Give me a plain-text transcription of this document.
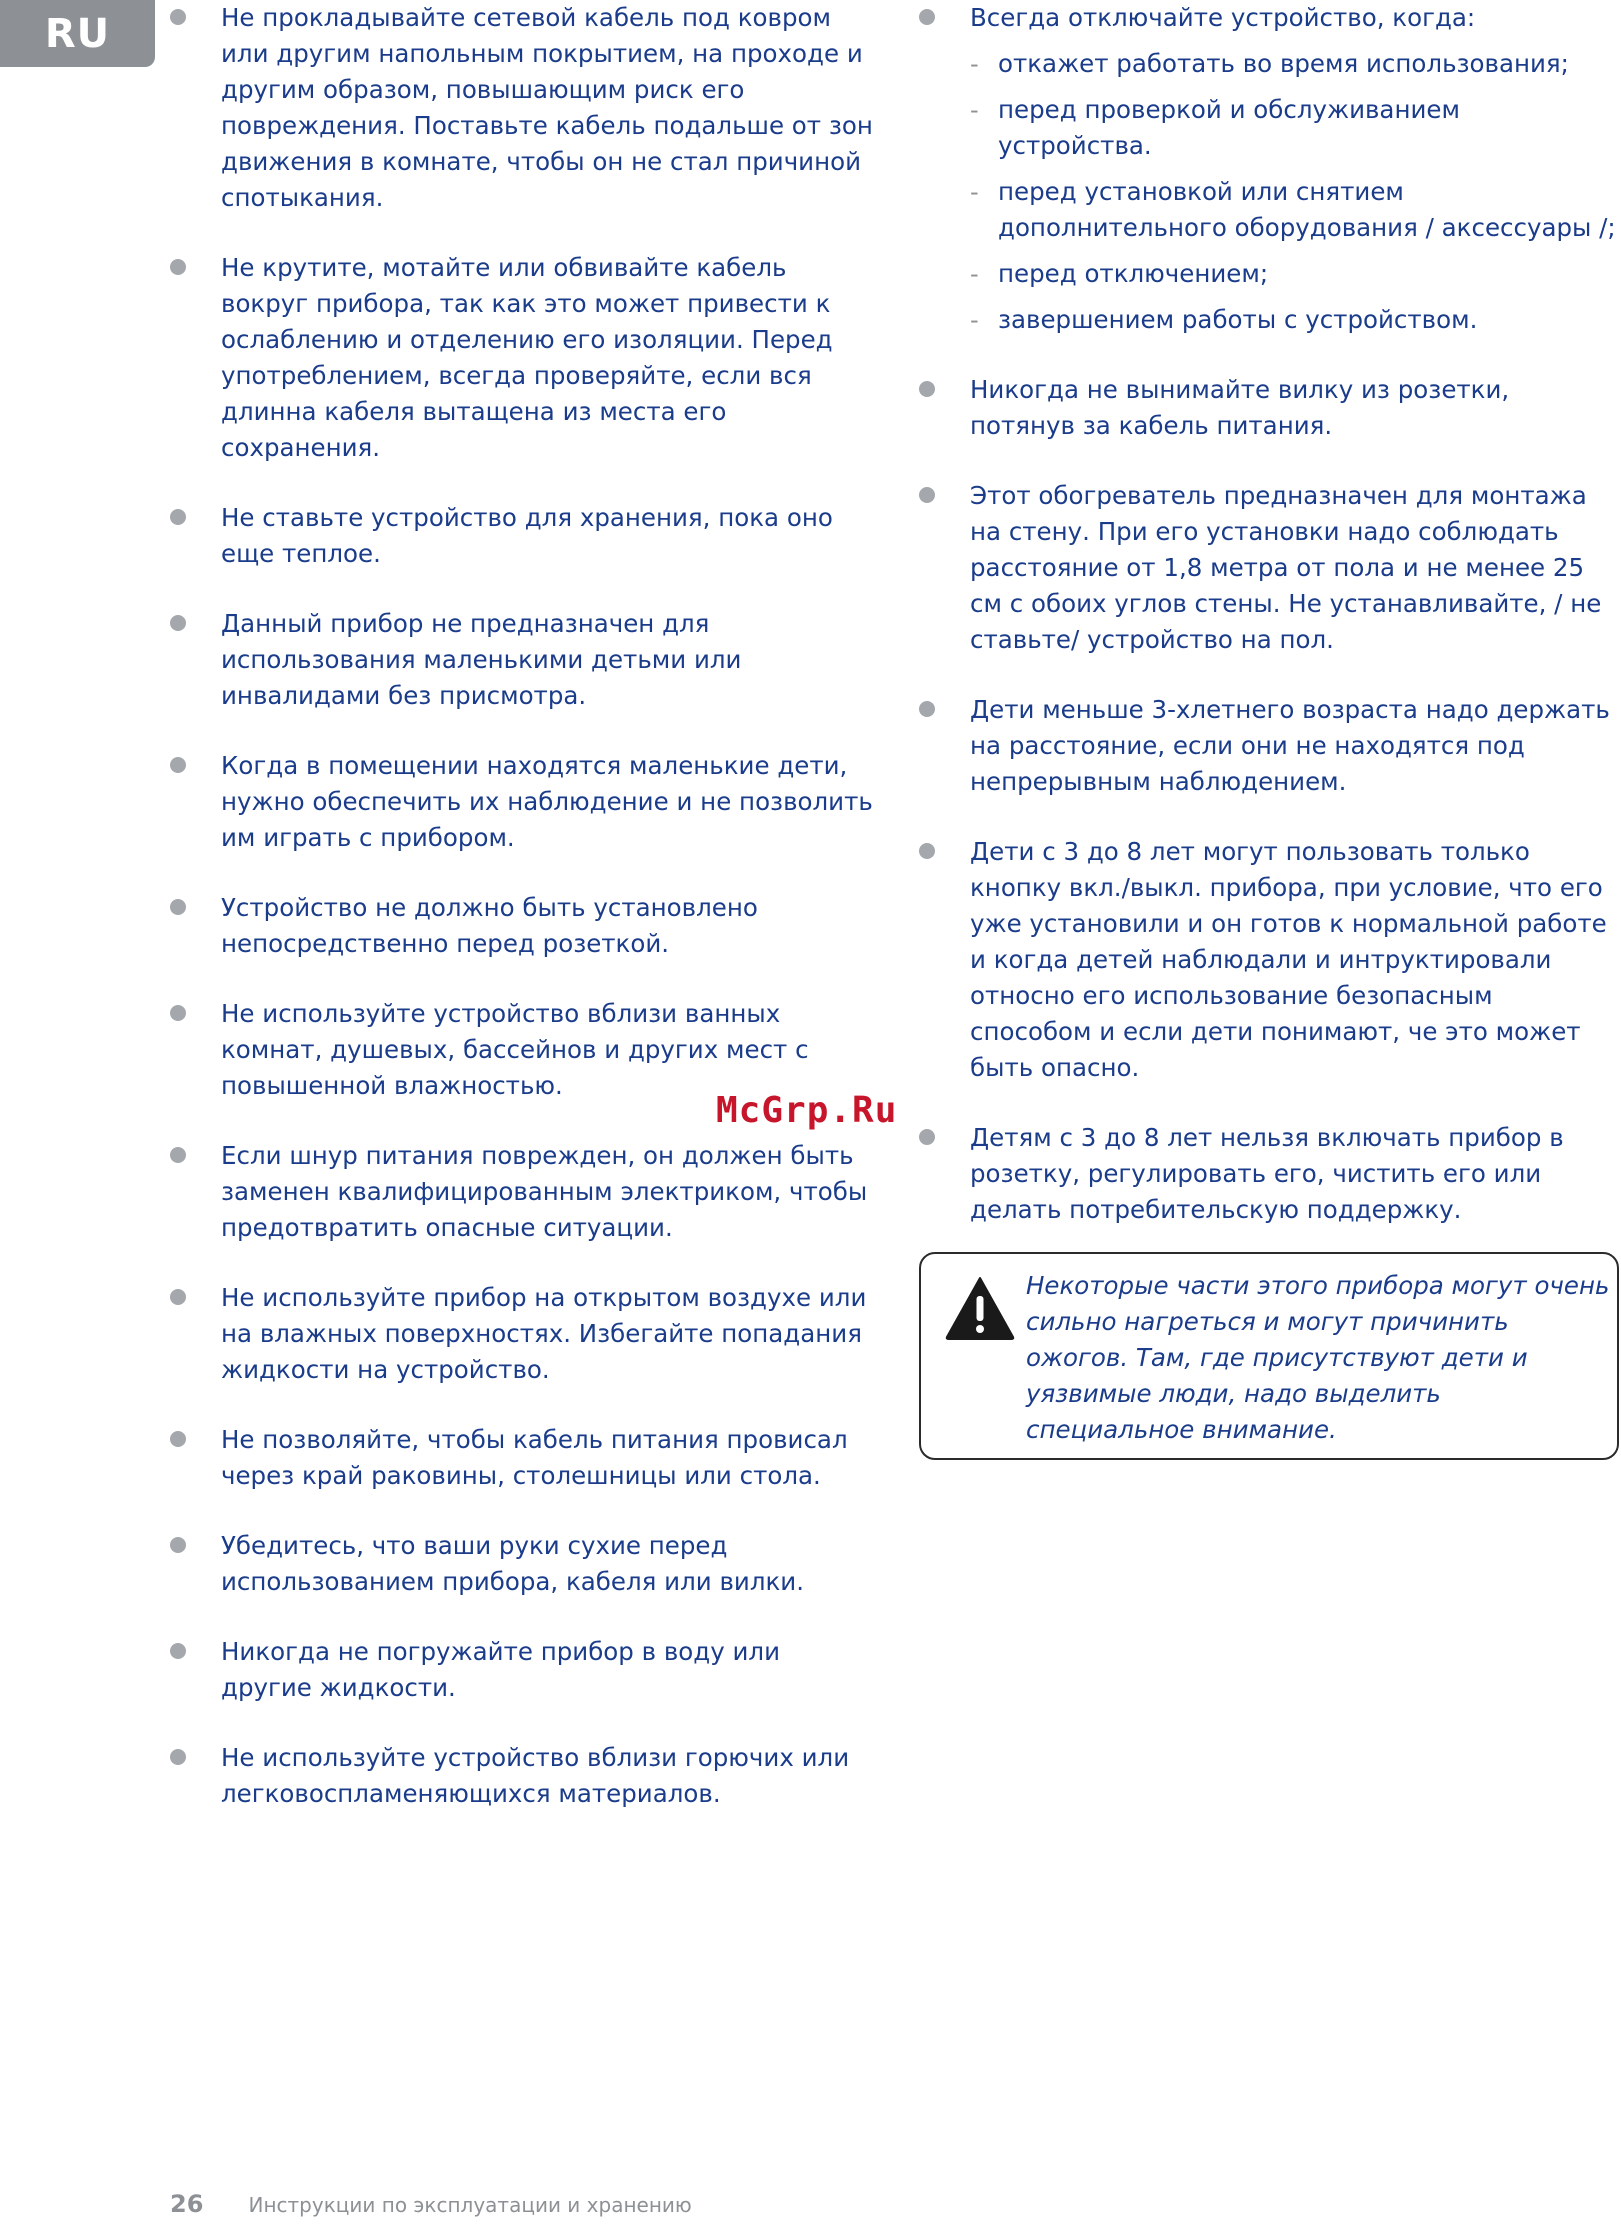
RU	Не прокладывайте сетевой кабель под ковром или другим напольным покрытием, на проходе и другим образом, повышающим риск его повреждения. Поставьте кабель подальше от зон движения в комнате, чтобы он не стал причиной спотыкания.

Не крутите, мотайте или обвивайте кабель вокруг прибора, так как это может привести к ослаблению и отделению его изоляции. Перед употреблением, всегда проверяйте, если вся длинна кабеля вытащена из места его сохранения.

Не ставьте устройство для хранения, пока оно еще теплое.

Данный прибор не предназначен для использования маленькими детьми или инвалидами без присмотра.

Когда в помещении находятся маленькие дети, нужно обеспечить их наблюдение и не позволить им играть с прибором.

Устройство не должно быть установлено непосредственно перед розеткой.

Не используйте устройство вблизи ванных комнат, душевых, бассейнов и других мест с повышенной влажностью.

Если шнур питания поврежден, он должен быть заменен квалифицированным электриком, чтобы предотвратить опасные ситуации.

Не используйте прибор на открытом воздухе или на влажных поверхностях. Избегайте попадания жидкости на устройство.

Не позволяйте, чтобы кабель питания провисал через край раковины, столешницы или стола.

Убедитесь, что ваши руки сухие перед использованием прибора, кабеля или вилки.

Никогда не погружайте прибор в воду или другие жидкости.

Не используйте устройство вблизи горючих или легковоспламеняющихся материалов.

Всегда отключайте устройство, когда:

- откажет работать во время использования;

- перед проверкой и обслуживанием устройства.

- перед установкой или снятием дополнительного оборудования / аксессуары /;

- перед отключением;

- завершением работы с устройством.

Никогда не вынимайте вилку из розетки, потянув за кабель питания.

Этот обогреватель предназначен для монтажа на стену. При его установки надо соблюдать расстояние от 1,8 метра от пола и не менее 25 см с обоих углов стены. Не устанавливайте, / не ставьте/ устройство на пол.

Дети меньше 3-хлетнего возраста надо держать на расстояние, если они не находятся под непрерывным наблюдением.

Дети с 3 до 8 лет могут пользовать только кнопку вкл./выкл. прибора, при условие, что его уже установили и он готов к нормальной работе и когда детей наблюдали и интруктировали относно его использование безопасным способом и если дети понимают, че это может быть опасно.

Детям с 3 до 8 лет нельзя включать прибор в розетку, регулировать его, чистить его или делать потребительскую поддержку.

Некоторые части этого прибора могут очень сильно нагреться и могут причинить ожогов. Там, где присутствуют дети и уязвимые люди, надо выделить специальное внимание.

McGrp.Ru
26 Инструкции по эксплуатации и хранению
